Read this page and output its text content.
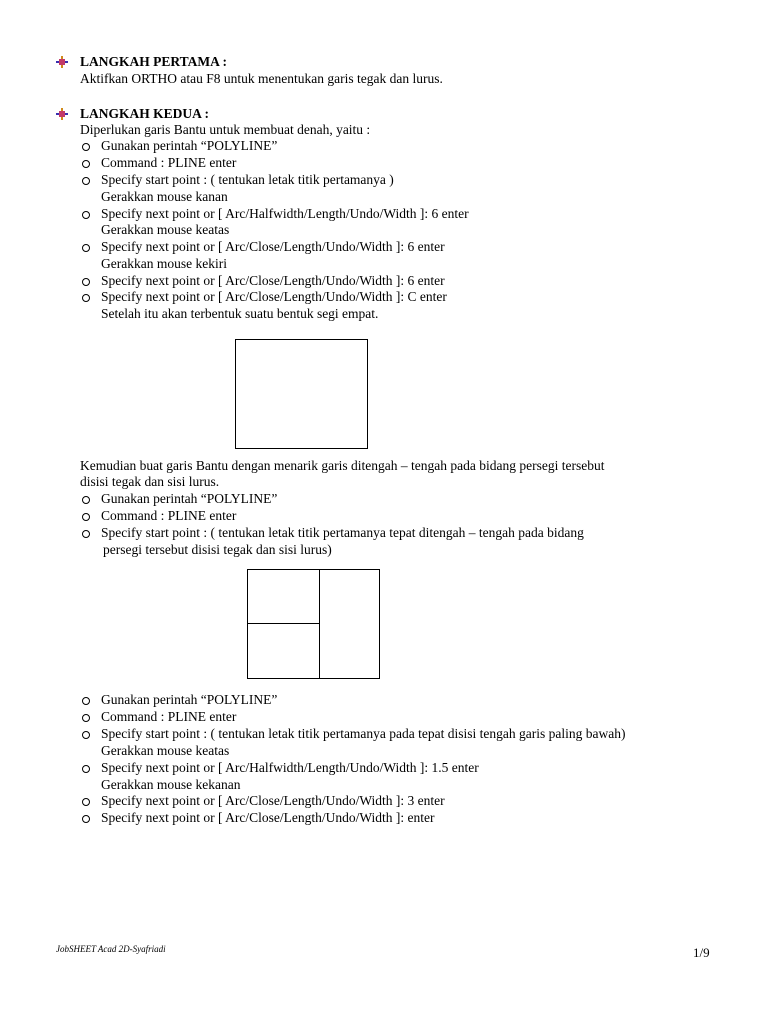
LANGKAH PERTAMA :
Aktifkan ORTHO atau F8 untuk menentukan garis tegak dan lurus.
LANGKAH KEDUA :
Diperlukan garis Bantu untuk membuat denah, yaitu :
Gunakan perintah “POLYLINE”
Command : PLINE enter
Specify start point : ( tentukan letak titik pertamanya )
Gerakkan mouse kanan
Specify next point or [ Arc/Halfwidth/Length/Undo/Width ]: 6 enter
Gerakkan mouse keatas
Specify next point or [ Arc/Close/Length/Undo/Width ]: 6 enter
Gerakkan mouse kekiri
Specify next point or [ Arc/Close/Length/Undo/Width ]: 6 enter
Specify next point or [ Arc/Close/Length/Undo/Width ]: C enter
Setelah itu akan terbentuk suatu bentuk segi empat.
Kemudian buat garis Bantu dengan menarik garis ditengah – tengah pada bidang persegi tersebut
disisi tegak dan sisi lurus.
Gunakan perintah “POLYLINE”
Command : PLINE enter
Specify start point : ( tentukan letak titik pertamanya tepat ditengah – tengah pada bidang
persegi tersebut disisi tegak dan sisi lurus)
Gunakan perintah “POLYLINE”
Command : PLINE enter
Specify start point : ( tentukan letak titik pertamanya pada tepat disisi tengah garis paling bawah)
Gerakkan mouse keatas
Specify next point or [ Arc/Halfwidth/Length/Undo/Width ]: 1.5 enter
Gerakkan mouse kekanan
Specify next point or [ Arc/Close/Length/Undo/Width ]: 3 enter
Specify next point or [ Arc/Close/Length/Undo/Width ]: enter
JobSHEET Acad 2D-Syafriadi	1/9
